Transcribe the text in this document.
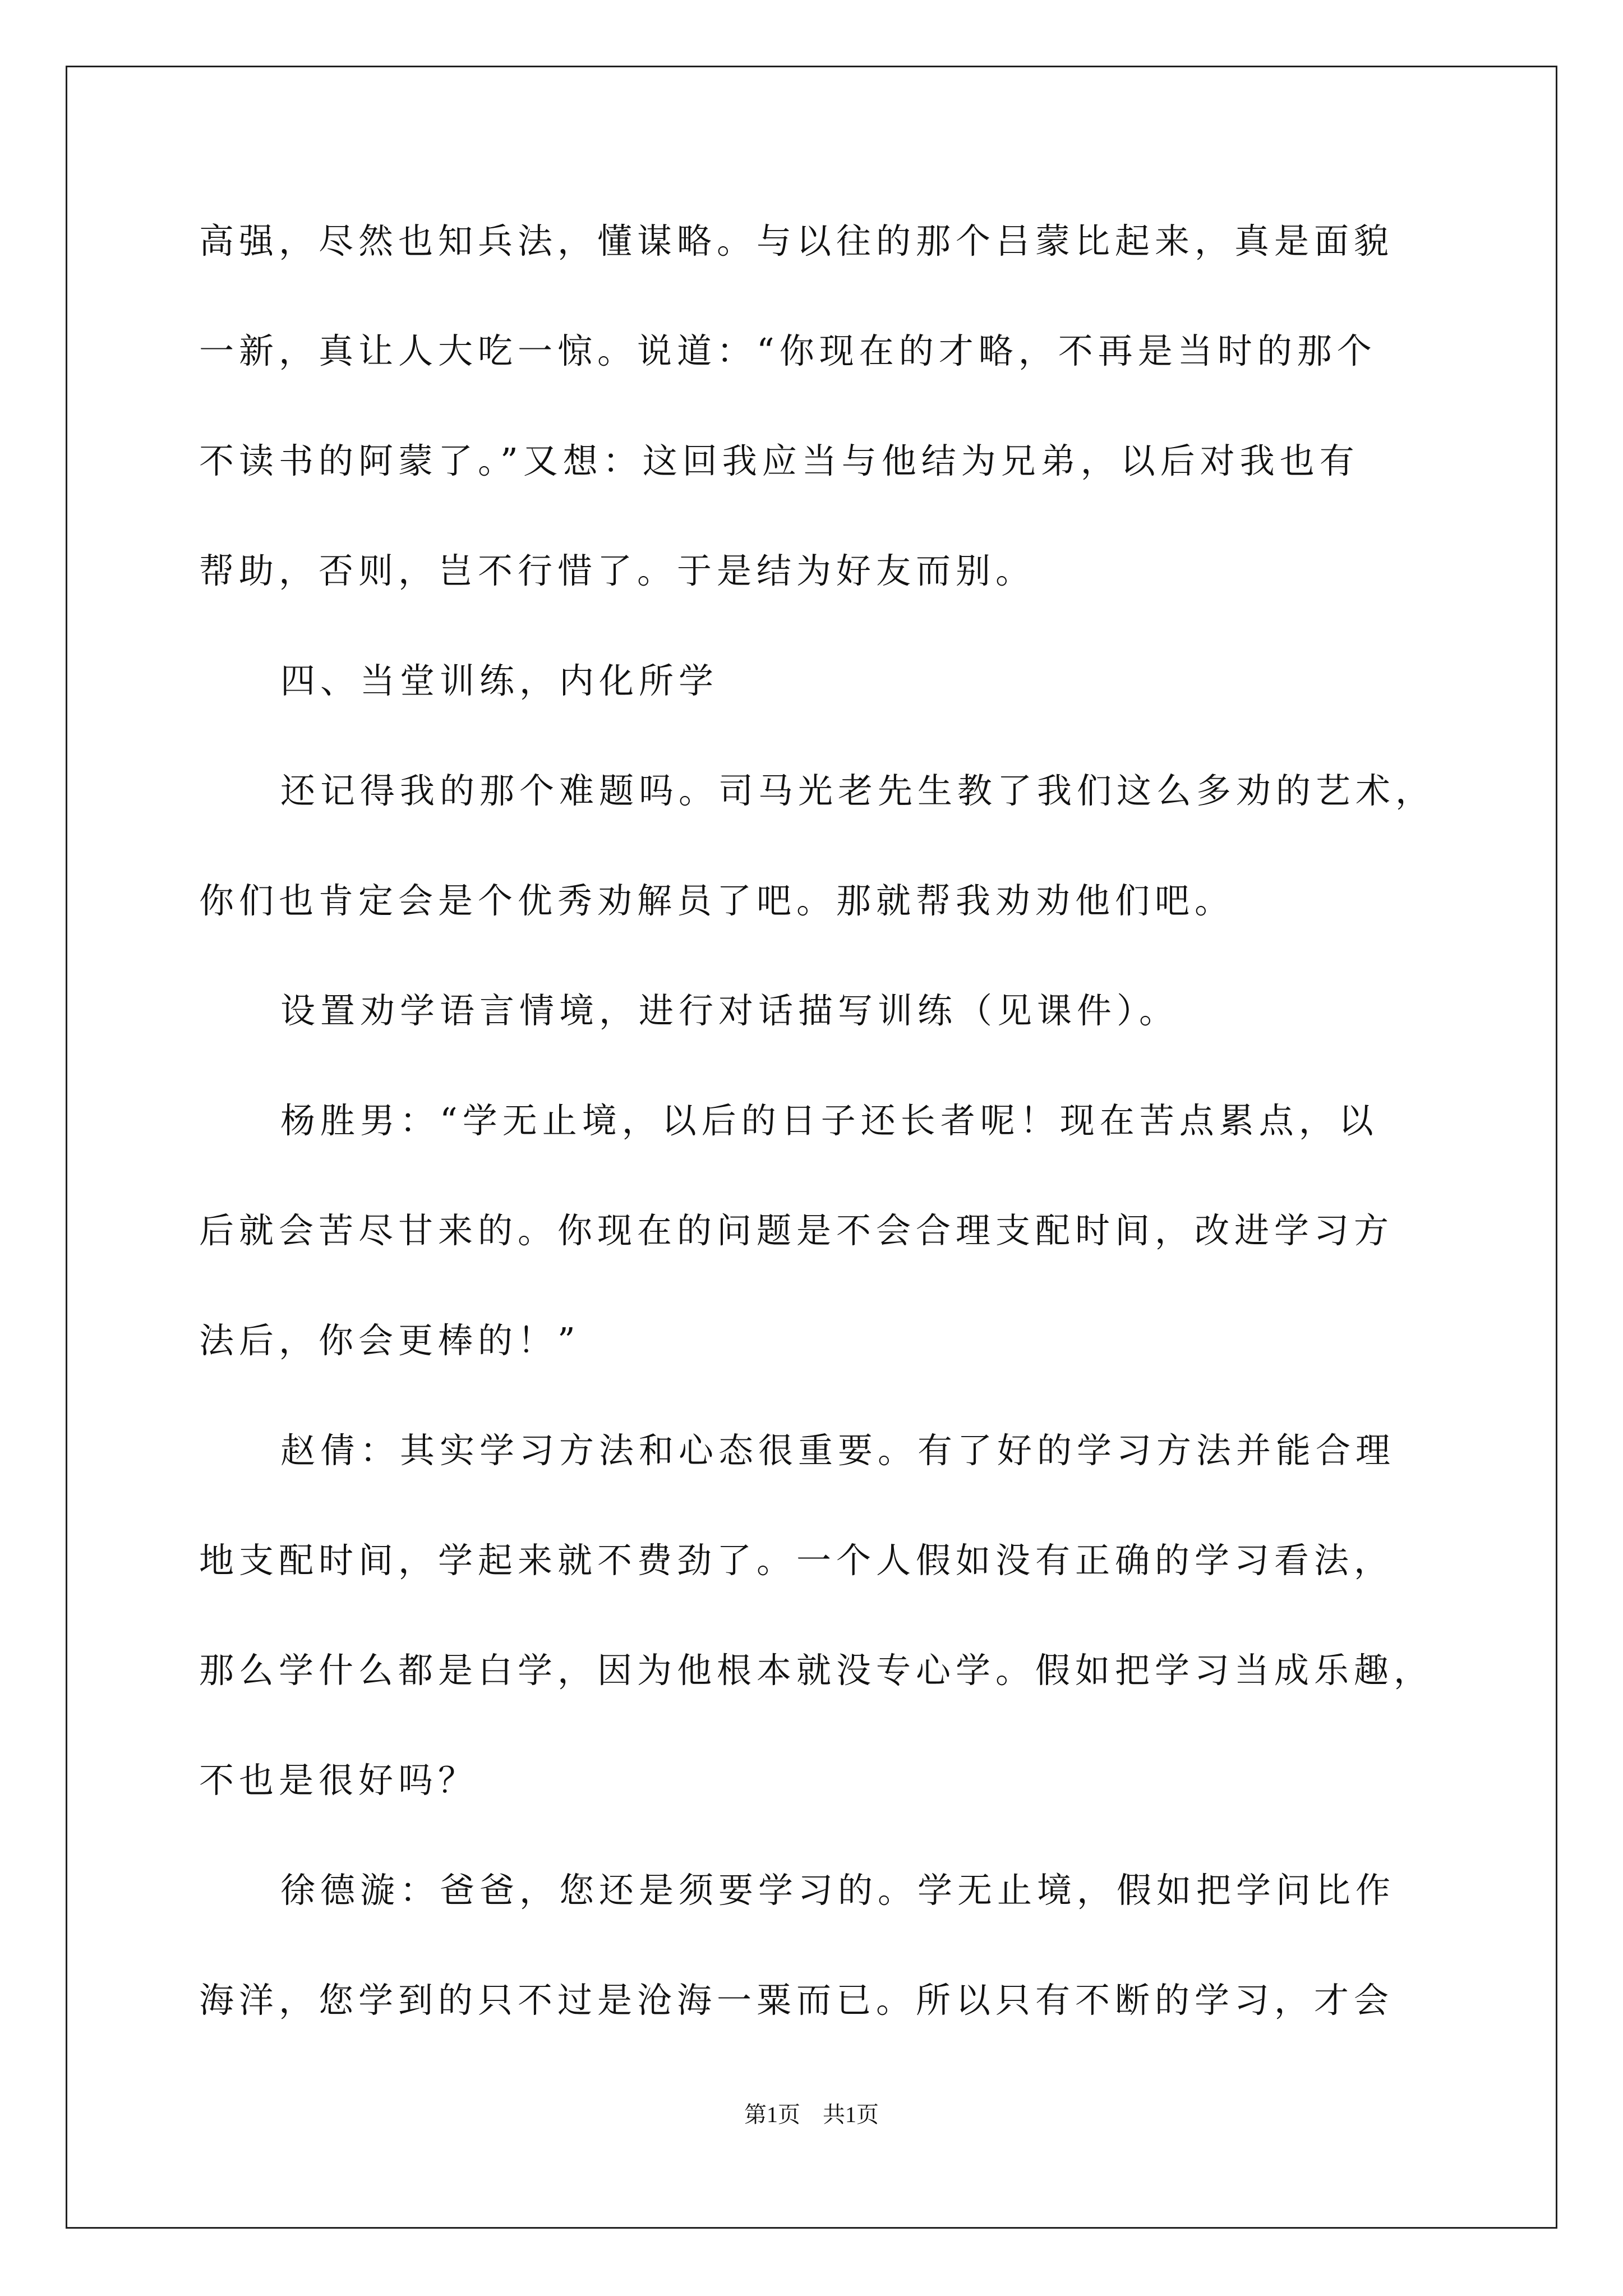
高强，尽然也知兵法，懂谋略。与以往的那个吕蒙比起来，真是面貌
一新，真让人大吃一惊。说道：“你现在的才略，不再是当时的那个
不读书的阿蒙了。”又想：这回我应当与他结为兄弟，以后对我也有
帮助，否则，岂不行惜了。于是结为好友而别。
四、当堂训练，内化所学
还记得我的那个难题吗。司马光老先生教了我们这么多劝的艺术，
你们也肯定会是个优秀劝解员了吧。那就帮我劝劝他们吧。
设置劝学语言情境，进行对话描写训练（见课件）。
杨胜男：“学无止境，以后的日子还长者呢！现在苦点累点，以
后就会苦尽甘来的。你现在的问题是不会合理支配时间，改进学习方
法后，你会更棒的！”
赵倩：其实学习方法和心态很重要。有了好的学习方法并能合理
地支配时间，学起来就不费劲了。一个人假如没有正确的学习看法，
那么学什么都是白学，因为他根本就没专心学。假如把学习当成乐趣，
不也是很好吗？
徐德漩：爸爸，您还是须要学习的。学无止境，假如把学问比作
海洋，您学到的只不过是沧海一粟而已。所以只有不断的学习，才会
第1页　共1页
